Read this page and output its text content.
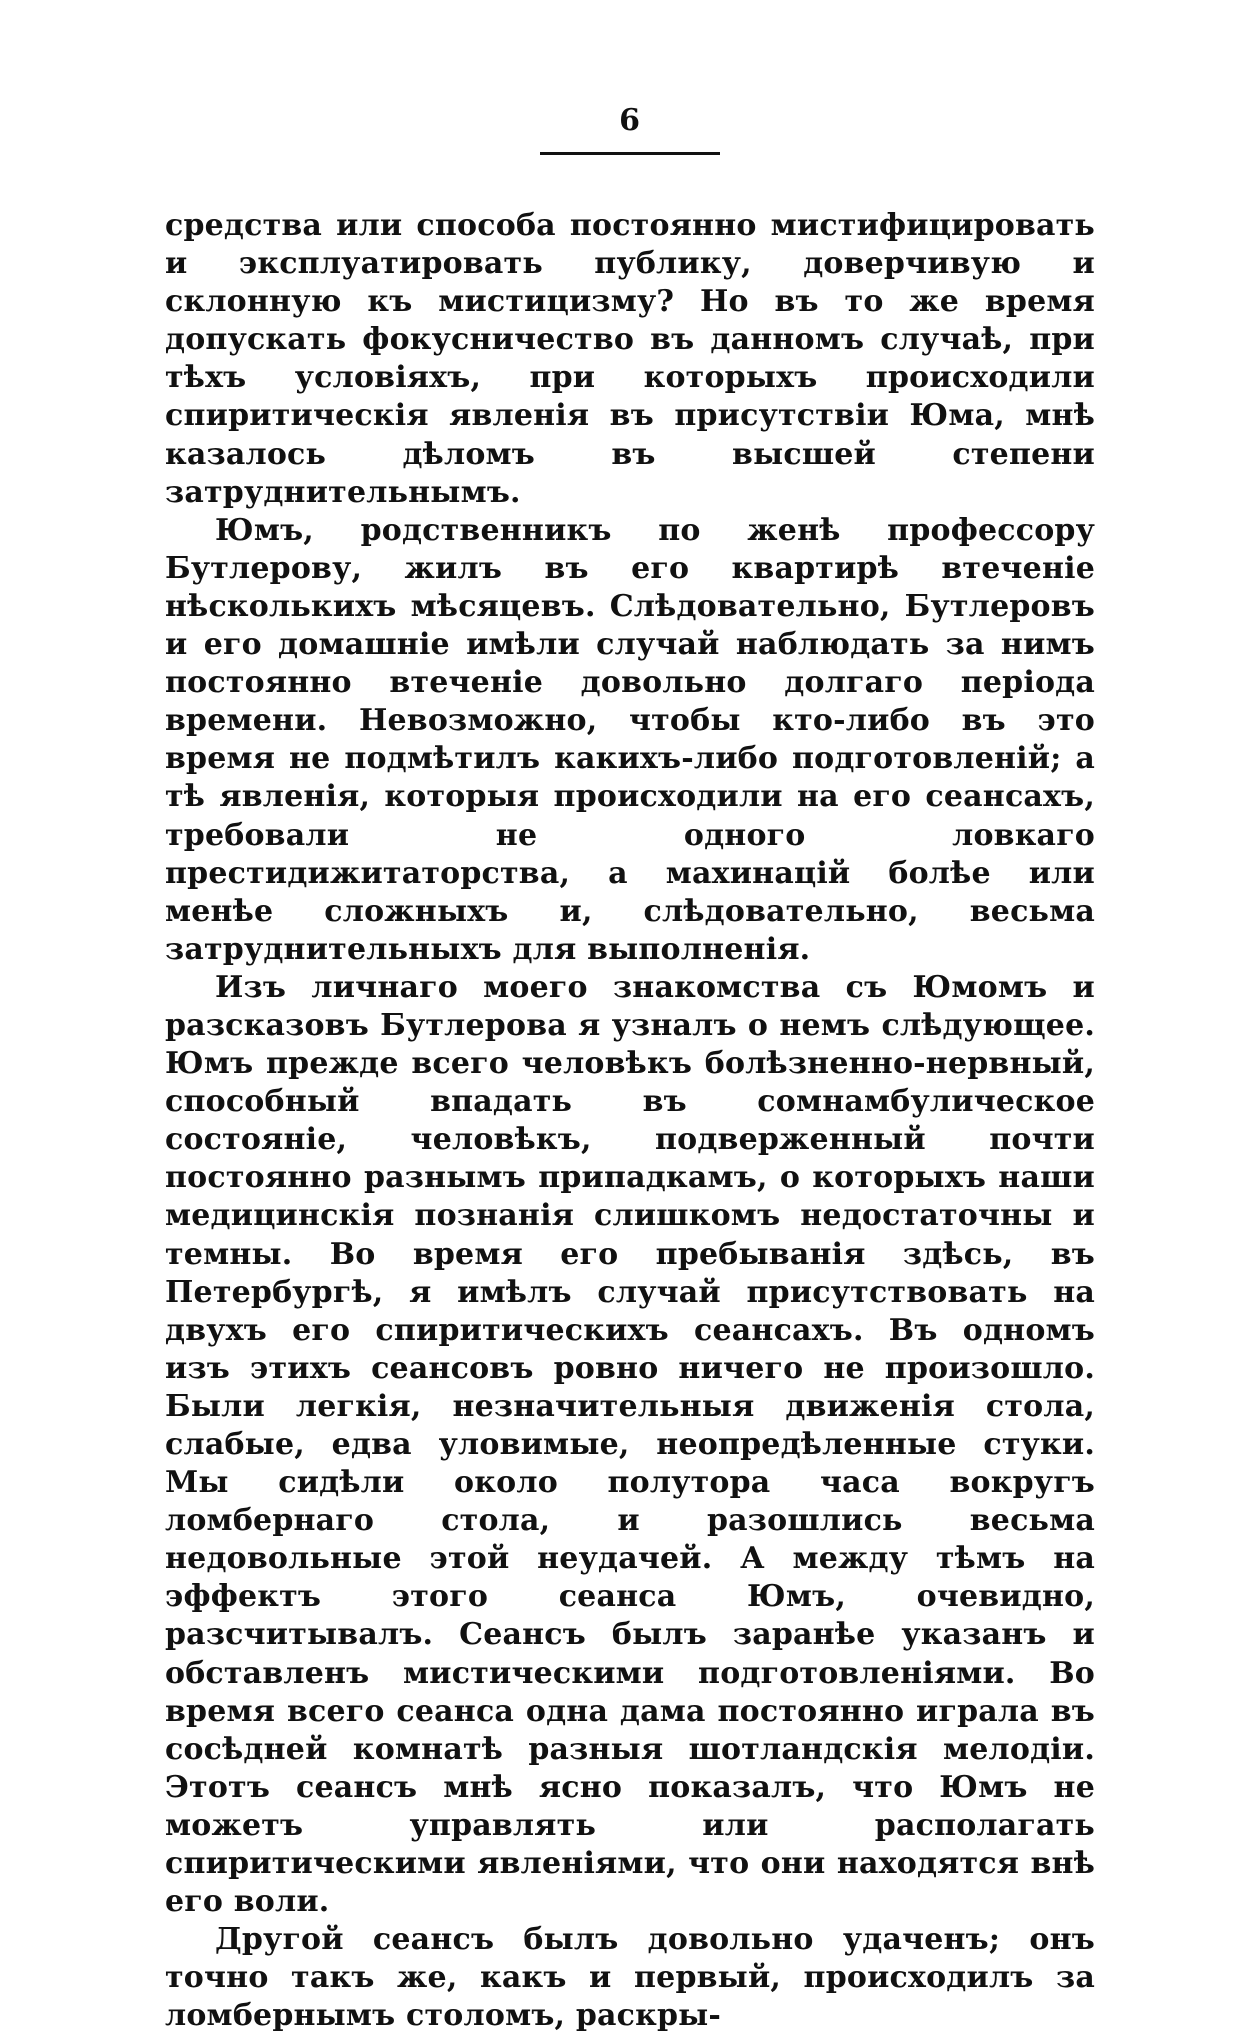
6

средства или способа постоянно мистифицировать и эксплуатировать публику, доверчивую и склонную къ мистицизму? Но въ то же время допускать фокусничество въ данномъ случаѣ, при тѣхъ условіяхъ, при которыхъ происходили спиритическія явленія въ присутствіи Юма, мнѣ казалось дѣломъ въ высшей степени затруднительнымъ.

Юмъ, родственникъ по женѣ профессору Бутлерову, жилъ въ его квартирѣ втеченіе нѣсколькихъ мѣсяцевъ. Слѣдовательно, Бутлеровъ и его домашніе имѣли случай наблюдать за нимъ постоянно втеченіе довольно долгаго періода времени. Невозможно, чтобы кто-либо въ это время не подмѣтилъ какихъ-либо подготовленій; а тѣ явленія, которыя происходили на его сеансахъ, требовали не одного ловкаго престидижитаторства, а махинацій болѣе или менѣе сложныхъ и, слѣдовательно, весьма затруднительныхъ для выполненія.

Изъ личнаго моего знакомства съ Юмомъ и разсказовъ Бутлерова я узналъ о немъ слѣдующее. Юмъ прежде всего человѣкъ болѣзненно-нервный, способный впадать въ сомнамбулическое состояніе, человѣкъ, подверженный почти постоянно разнымъ припадкамъ, о которыхъ наши медицинскія познанія слишкомъ недостаточны и темны. Во время его пребыванія здѣсь, въ Петербургѣ, я имѣлъ случай присутствовать на двухъ его спиритическихъ сеансахъ. Въ одномъ изъ этихъ сеансовъ ровно ничего не произошло. Были легкія, незначительныя движенія стола, слабые, едва уловимые, неопредѣленные стуки. Мы сидѣли около полутора часа вокругъ ломбернаго стола, и разошлись весьма недовольные этой неудачей. А между тѣмъ на эффектъ этого сеанса Юмъ, очевидно, разсчитывалъ. Сеансъ былъ заранѣе указанъ и обставленъ мистическими подготовленіями. Во время всего сеанса одна дама постоянно играла въ сосѣдней комнатѣ разныя шотландскія мелодіи. Этотъ сеансъ мнѣ ясно показалъ, что Юмъ не можетъ управлять или располагать спиритическими явленіями, что они находятся внѣ его воли.

Другой сеансъ былъ довольно удаченъ; онъ точно такъ же, какъ и первый, происходилъ за ломбернымъ столомъ, раскры-
